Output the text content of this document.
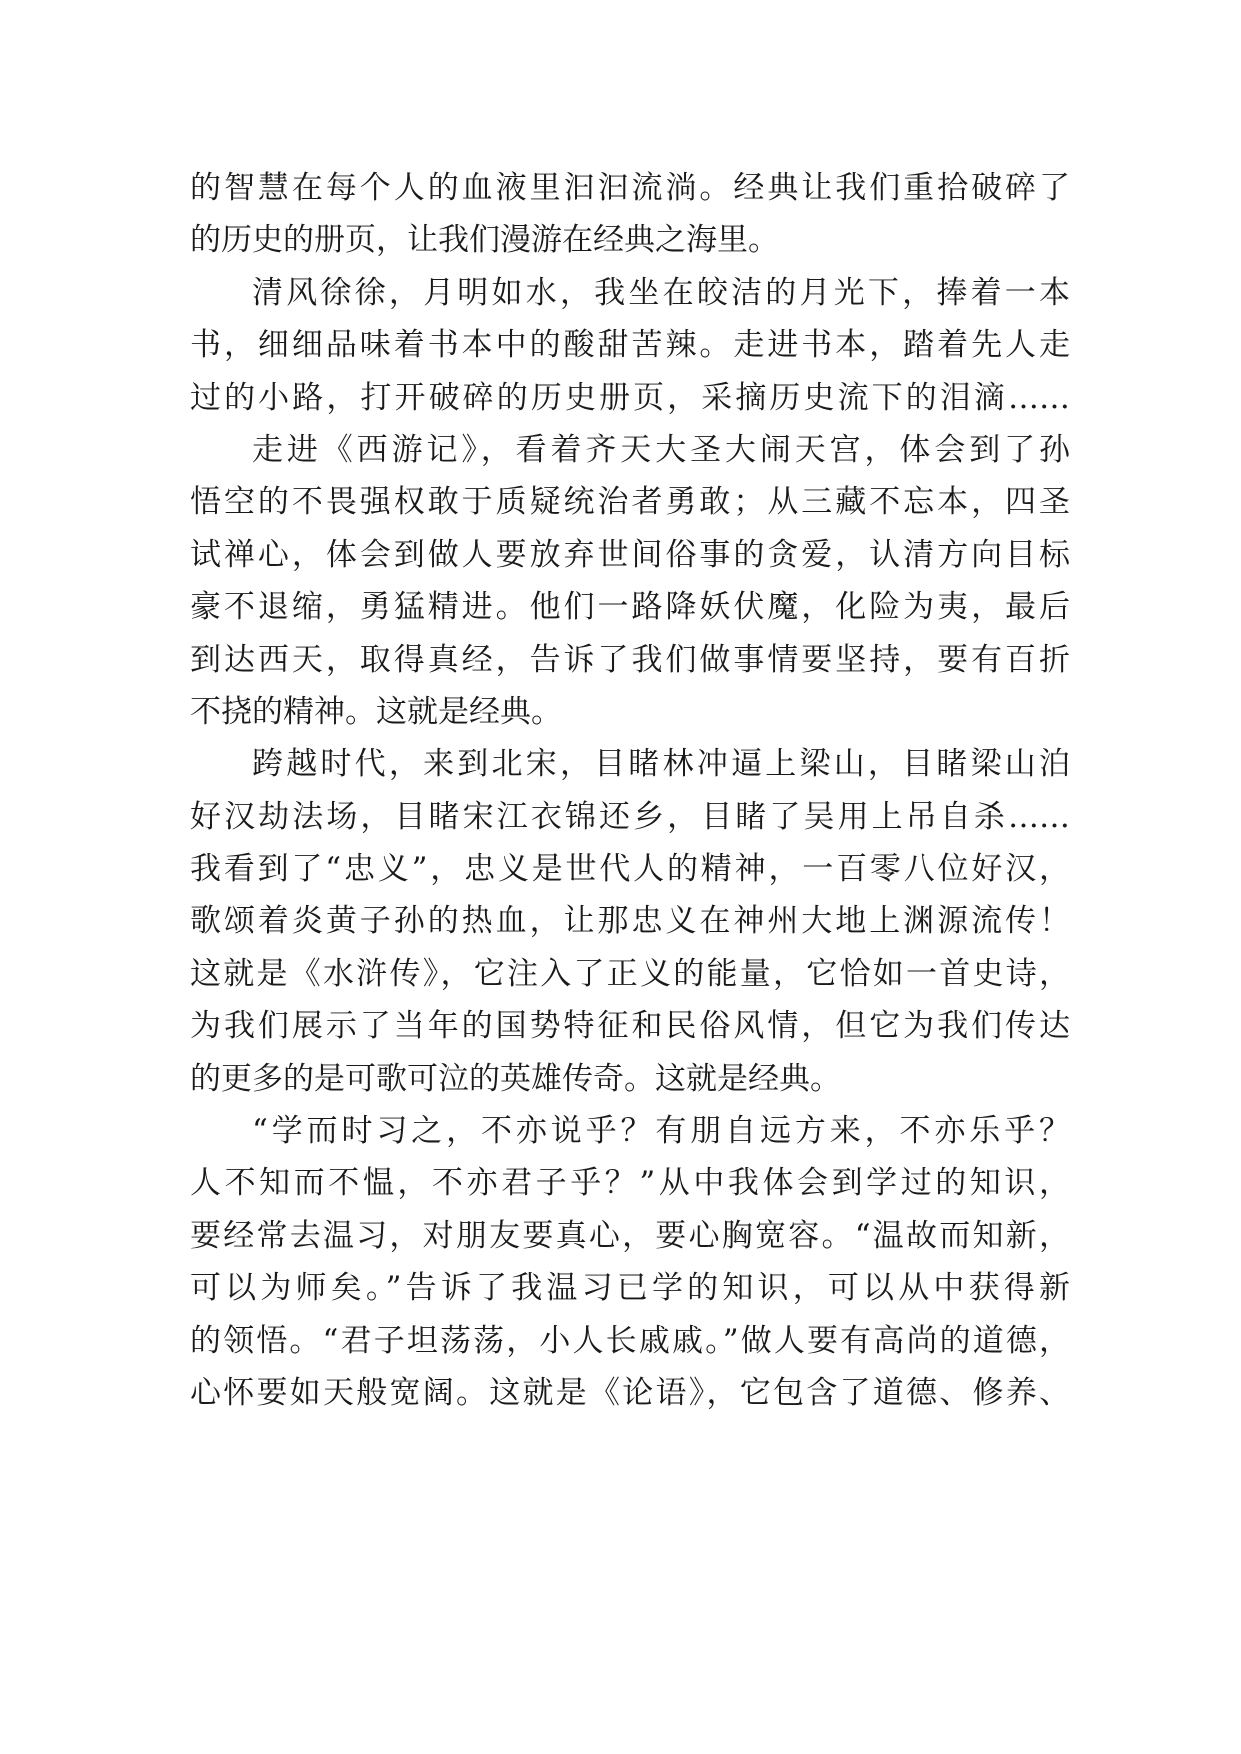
的智慧在每个人的血液里汩汩流淌。经典让我们重拾破碎了
的历史的册页，让我们漫游在经典之海里。
清风徐徐，月明如水，我坐在皎洁的月光下，捧着一本
书，细细品味着书本中的酸甜苦辣。走进书本，踏着先人走
过的小路，打开破碎的历史册页，采摘历史流下的泪滴……
走进《西游记》，看着齐天大圣大闹天宫，体会到了孙
悟空的不畏强权敢于质疑统治者勇敢；从三藏不忘本，四圣
试禅心，体会到做人要放弃世间俗事的贪爱，认清方向目标
豪不退缩，勇猛精进。他们一路降妖伏魔，化险为夷，最后
到达西天，取得真经，告诉了我们做事情要坚持，要有百折
不挠的精神。这就是经典。
跨越时代，来到北宋，目睹林冲逼上梁山，目睹梁山泊
好汉劫法场，目睹宋江衣锦还乡，目睹了吴用上吊自杀……
我看到了“忠义”，忠义是世代人的精神，一百零八位好汉，
歌颂着炎黄子孙的热血，让那忠义在神州大地上渊源流传！
这就是《水浒传》，它注入了正义的能量，它恰如一首史诗，
为我们展示了当年的国势特征和民俗风情，但它为我们传达
的更多的是可歌可泣的英雄传奇。这就是经典。
“学而时习之，不亦说乎？有朋自远方来，不亦乐乎？
人不知而不愠，不亦君子乎？”从中我体会到学过的知识，
要经常去温习，对朋友要真心，要心胸宽容。“温故而知新，
可以为师矣。”告诉了我温习已学的知识，可以从中获得新
的领悟。“君子坦荡荡，小人长戚戚。”做人要有高尚的道德，
心怀要如天般宽阔。这就是《论语》，它包含了道德、修养、
